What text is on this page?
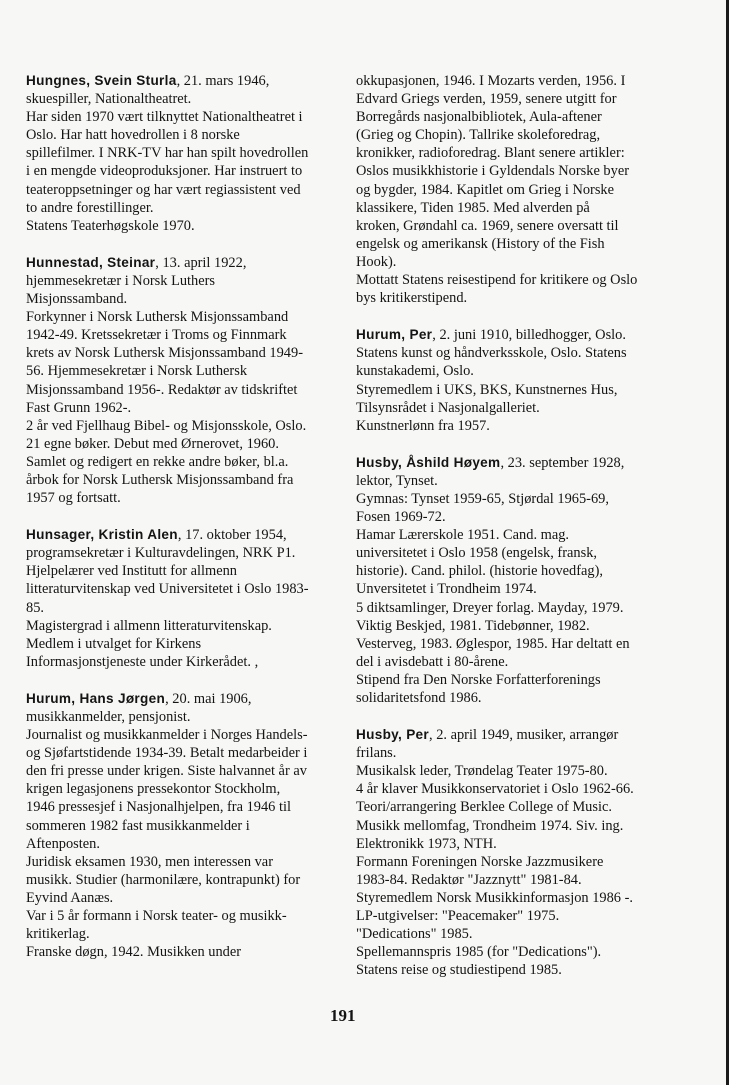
Hungnes, Svein Sturla, 21. mars 1946,
skuespiller, Nationaltheatret.
Har siden 1970 vært tilknyttet Nationaltheatret i
Oslo. Har hatt hovedrollen i 8 norske
spillefilmer. I NRK-TV har han spilt hovedrollen
i en mengde videoproduksjoner. Har instruert to
teateroppsetninger og har vært regiassistent ved
to andre forestillinger.
Statens Teaterhøgskole 1970.
Hunnestad, Steinar, 13. april 1922,
hjemmesekretær i Norsk Luthers
Misjonssamband.
Forkynner i Norsk Luthersk Misjonssamband
1942-49. Kretssekretær i Troms og Finnmark
krets av Norsk Luthersk Misjonssamband 1949-
56. Hjemmesekretær i Norsk Luthersk
Misjonssamband 1956-. Redaktør av tidskriftet
Fast Grunn 1962-.
2 år ved Fjellhaug Bibel- og Misjonsskole, Oslo.
21 egne bøker. Debut med Ørnerovet, 1960.
Samlet og redigert en rekke andre bøker, bl.a.
årbok for Norsk Luthersk Misjonssamband fra
1957 og fortsatt.
Hunsager, Kristin Alen, 17. oktober 1954,
programsekretær i Kulturavdelingen, NRK P1.
Hjelpelærer ved Institutt for allmenn
litteraturvitenskap ved Universitetet i Oslo 1983-
85.
Magistergrad i allmenn litteraturvitenskap.
Medlem i utvalget for Kirkens
Informasjonstjeneste under Kirkerådet. ,
Hurum, Hans Jørgen, 20. mai 1906,
musikkanmelder, pensjonist.
Journalist og musikkanmelder i Norges Handels-
og Sjøfartstidende 1934-39. Betalt medarbeider i
den fri presse under krigen. Siste halvannet år av
krigen legasjonens pressekontor Stockholm,
1946 pressesjef i Nasjonalhjelpen, fra 1946 til
sommeren 1982 fast musikkanmelder i
Aftenposten.
Juridisk eksamen 1930, men interessen var
musikk. Studier (harmonilære, kontrapunkt) for
Eyvind Aanæs.
Var i 5 år formann i Norsk teater- og musikk-
kritikerlag.
Franske døgn, 1942. Musikken under
okkupasjonen, 1946. I Mozarts verden, 1956. I
Edvard Griegs verden, 1959, senere utgitt for
Borregårds nasjonalbibliotek, Aula-aftener
(Grieg og Chopin). Tallrike skoleforedrag,
kronikker, radioforedrag. Blant senere artikler:
Oslos musikkhistorie i Gyldendals Norske byer
og bygder, 1984. Kapitlet om Grieg i Norske
klassikere, Tiden 1985. Med alverden på
kroken, Grøndahl ca. 1969, senere oversatt til
engelsk og amerikansk (History of the Fish
Hook).
Mottatt Statens reisestipend for kritikere og Oslo
bys kritikerstipend.
Hurum, Per, 2. juni 1910, billedhogger, Oslo.
Statens kunst og håndverksskole, Oslo. Statens
kunstakademi, Oslo.
Styremedlem i UKS, BKS, Kunstnernes Hus,
Tilsynsrådet i Nasjonalgalleriet.
Kunstnerlønn fra 1957.
Husby, Åshild Høyem, 23. september 1928,
lektor, Tynset.
Gymnas: Tynset 1959-65, Stjørdal 1965-69,
Fosen 1969-72.
Hamar Lærerskole 1951. Cand. mag.
universitetet i Oslo 1958 (engelsk, fransk,
historie). Cand. philol. (historie hovedfag),
Unversitetet i Trondheim 1974.
5 diktsamlinger, Dreyer forlag. Mayday, 1979.
Viktig Beskjed, 1981. Tidebønner, 1982.
Vesterveg, 1983. Øglespor, 1985. Har deltatt en
del i avisdebatt i 80-årene.
Stipend fra Den Norske Forfatterforenings
solidaritetsfond 1986.
Husby, Per, 2. april 1949, musiker, arrangør
frilans.
Musikalsk leder, Trøndelag Teater 1975-80.
4 år klaver Musikkonservatoriet i Oslo 1962-66.
Teori/arrangering Berklee College of Music.
Musikk mellomfag, Trondheim 1974. Siv. ing.
Elektronikk 1973, NTH.
Formann Foreningen Norske Jazzmusikere
1983-84. Redaktør "Jazznytt" 1981-84.
Styremedlem Norsk Musikkinformasjon 1986 -.
LP-utgivelser: "Peacemaker" 1975.
"Dedications" 1985.
Spellemannspris 1985 (for "Dedications").
Statens reise og studiestipend 1985.
191
